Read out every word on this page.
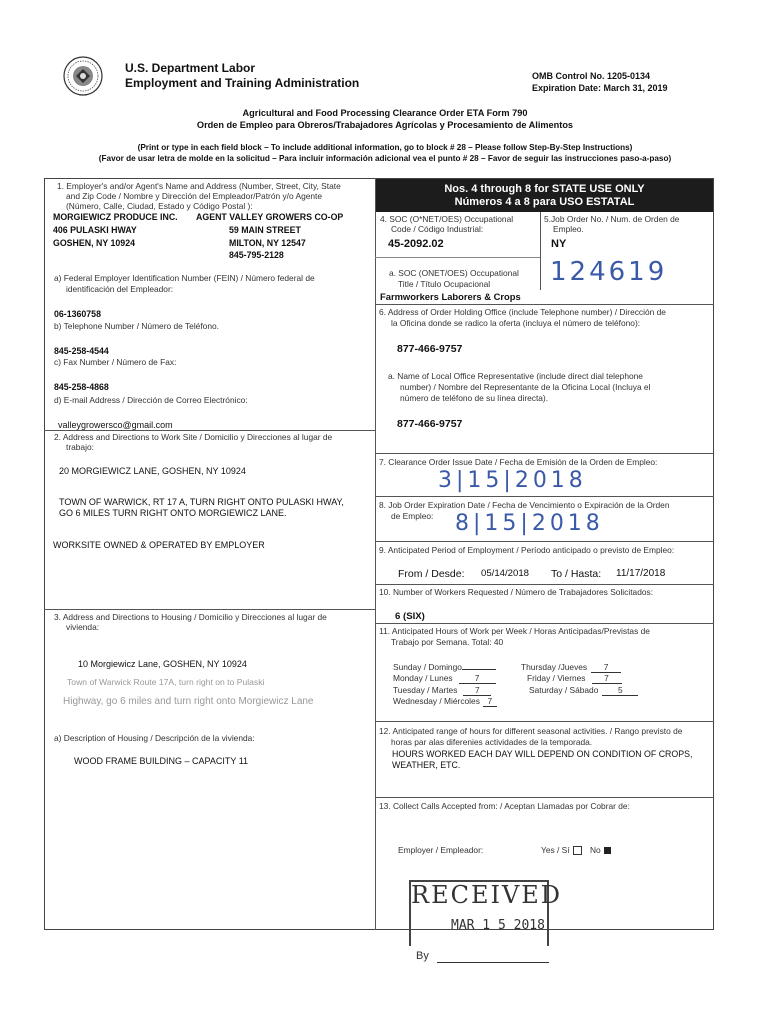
U.S. Department Labor
Employment and Training Administration	OMB Control No. 1205-0134
Expiration Date: March 31, 2019
Agricultural and Food Processing Clearance Order ETA Form 790
Orden de Empleo para Obreros/Trabajadores Agrícolas y Procesamiento de Alimentos
(Print or type in each field block – To include additional information, go to block # 28 – Please follow Step-By-Step Instructions)
(Favor de usar letra de molde en la solicitud – Para incluir información adicional vea el punto # 28 – Favor de seguir las instrucciones paso-a-paso)
1. Employer's and/or Agent's Name and Address (Number, Street, City, State
and Zip Code / Nombre y Dirección del Empleador/Patrón y/o Agente
(Número, Calle, Ciudad, Estado y Código Postal ):
MORGIEWICZ PRODUCE INC.
406 PULASKI HWAY
GOSHEN, NY 10924
AGENT VALLEY GROWERS CO-OP
59 MAIN STREET
MILTON, NY 12547
845-795-2128
a) Federal Employer Identification Number (FEIN) / Número federal de
identificación del Empleador:
06-1360758
b) Telephone Number / Número de Teléfono.
845-258-4544
c) Fax Number / Número de Fax:
845-258-4868
d) E-mail Address / Dirección de Correo Electrónico:
valleygrowersco@gmail.com
2. Address and Directions to Work Site / Domicilio y Direcciones al lugar de
trabajo:
20 MORGIEWICZ LANE, GOSHEN, NY 10924
TOWN OF WARWICK, RT 17 A, TURN RIGHT ONTO PULASKI HWAY,
GO 6 MILES TURN RIGHT ONTO MORGIEWICZ LANE.
WORKSITE OWNED & OPERATED BY EMPLOYER
3. Address and Directions to Housing / Domicilio y Direcciones al lugar de
vivienda:
10 Morgiewicz Lane, GOSHEN, NY 10924
Town of Warwick Route 17A, turn right on to Pulaski
Highway, go 6 miles and turn right onto Morgiewicz Lane
a) Description of Housing / Descripción de la vivienda:
WOOD FRAME BUILDING – CAPACITY 11
Nos. 4 through 8 for STATE USE ONLY
Números 4 a 8 para USO ESTATAL
4. SOC (O*NET/OES) Occupational
Code / Código Industrial:
45-2092.02
5.Job Order No. / Num. de Orden de
Empleo.
NY
a. SOC (ONET/OES) Occupational
Title / Título Ocupacional
Farmworkers Laborers & Crops
124619
6. Address of Order Holding Office (include Telephone number) / Dirección de
la Oficina donde se radico la oferta (incluya el número de teléfono):
877-466-9757
a. Name of Local Office Representative (include direct dial telephone
number) / Nombre del Representante de la Oficina Local (Incluya el
número de teléfono de su línea directa).
877-466-9757
7. Clearance Order Issue Date / Fecha de Emisión de la Orden de Empleo:
3|15|2018
8. Job Order Expiration Date / Fecha de Vencimiento o Expiración de la Orden
de Empleo: 8|15|2018
9. Anticipated Period of Employment / Período anticipado o previsto de Empleo:
From / Desde: 05/14/2018 To / Hasta: 11/17/2018
10. Number of Workers Requested / Número de Trabajadores Solicitados:
6 (SIX)
11. Anticipated Hours of Work per Week / Horas Anticipadas/Previstas de
Trabajo por Semana. Total: 40
Sunday / Domingo
Monday / Lunes	7
Tuesday / Martes 7
Wednesday / Miércoles 7
Thursday /Jueves 7
Friday / Viernes 7
Saturday / Sábado 5
12. Anticipated range of hours for different seasonal activities. / Rango previsto de
horas par alas diferenies actividades de la temporada.
HOURS WORKED EACH DAY WILL DEPEND ON CONDITION OF CROPS,
WEATHER, ETC.
13. Collect Calls Accepted from: / Aceptan Llamadas por Cobrar de:
Employer / Empleador:	Yes / Sí No
RECEIVED
MAR 1 5 2018
By
